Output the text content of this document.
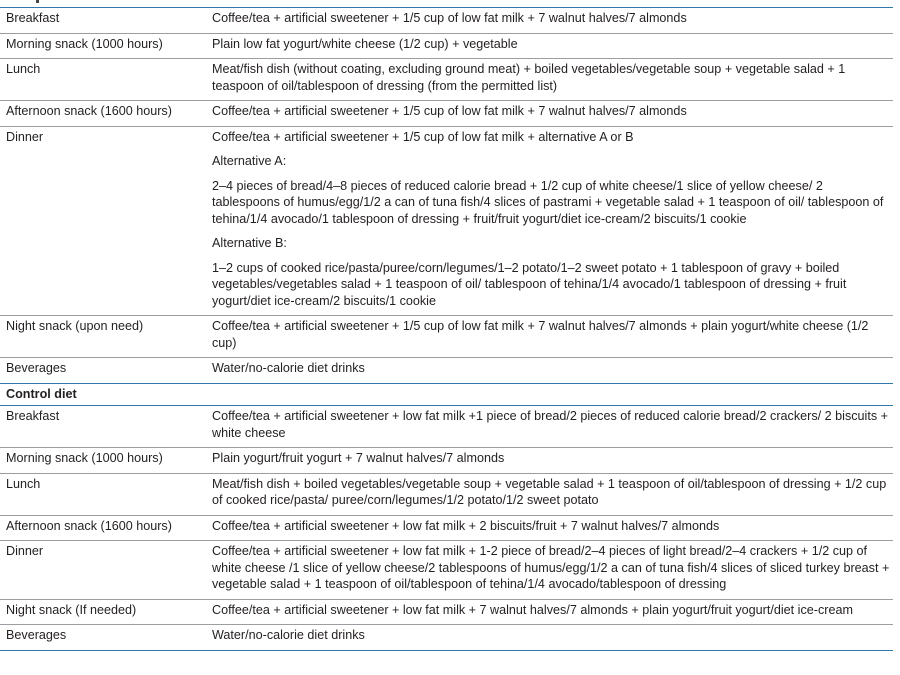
Breakfast	Coffee/tea + artificial sweetener + 1/5 cup of low fat milk + 7 walnut halves/7 almonds
Morning snack (1000 hours)	Plain low fat yogurt/white cheese (1/2 cup) + vegetable
Lunch	Meat/fish dish (without coating, excluding ground meat) + boiled vegetables/vegetable soup + vegetable salad + 1 teaspoon of oil/tablespoon of dressing (from the permitted list)
Afternoon snack (1600 hours)	Coffee/tea + artificial sweetener + 1/5 cup of low fat milk + 7 walnut halves/7 almonds
Dinner	Coffee/tea + artificial sweetener + 1/5 cup of low fat milk + alternative A or B
	Alternative A:
	2–4 pieces of bread/4–8 pieces of reduced calorie bread + 1/2 cup of white cheese/1 slice of yellow cheese/ 2 tablespoons of humus/egg/1/2 a can of tuna fish/4 slices of pastrami + vegetable salad + 1 teaspoon of oil/ tablespoon of tehina/1/4 avocado/1 tablespoon of dressing + fruit/fruit yogurt/diet ice-cream/2 biscuits/1 cookie
	Alternative B:
	1–2 cups of cooked rice/pasta/puree/corn/legumes/1–2 potato/1–2 sweet potato + 1 tablespoon of gravy + boiled vegetables/vegetables salad + 1 teaspoon of oil/ tablespoon of tehina/1/4 avocado/1 tablespoon of dressing + fruit yogurt/diet ice-cream/2 biscuits/1 cookie
Night snack (upon need)	Coffee/tea + artificial sweetener + 1/5 cup of low fat milk + 7 walnut halves/7 almonds + plain yogurt/white cheese (1/2 cup)
Beverages	Water/no-calorie diet drinks
Control diet	
Breakfast	Coffee/tea + artificial sweetener + low fat milk +1 piece of bread/2 pieces of reduced calorie bread/2 crackers/ 2 biscuits + white cheese
Morning snack (1000 hours)	Plain yogurt/fruit yogurt + 7 walnut halves/7 almonds
Lunch	Meat/fish dish + boiled vegetables/vegetable soup + vegetable salad + 1 teaspoon of oil/tablespoon of dressing + 1/2 cup of cooked rice/pasta/ puree/corn/legumes/1/2 potato/1/2 sweet potato
Afternoon snack (1600 hours)	Coffee/tea + artificial sweetener + low fat milk + 2 biscuits/fruit + 7 walnut halves/7 almonds
Dinner	Coffee/tea + artificial sweetener + low fat milk + 1-2 piece of bread/2–4 pieces of light bread/2–4 crackers + 1/2 cup of white cheese /1 slice of yellow cheese/2 tablespoons of humus/egg/1/2 a can of tuna fish/4 slices of sliced turkey breast + vegetable salad + 1 teaspoon of oil/tablespoon of tehina/1/4 avocado/tablespoon of dressing
Night snack (If needed)	Coffee/tea + artificial sweetener + low fat milk + 7 walnut halves/7 almonds + plain yogurt/fruit yogurt/diet ice-cream
Beverages	Water/no-calorie diet drinks
